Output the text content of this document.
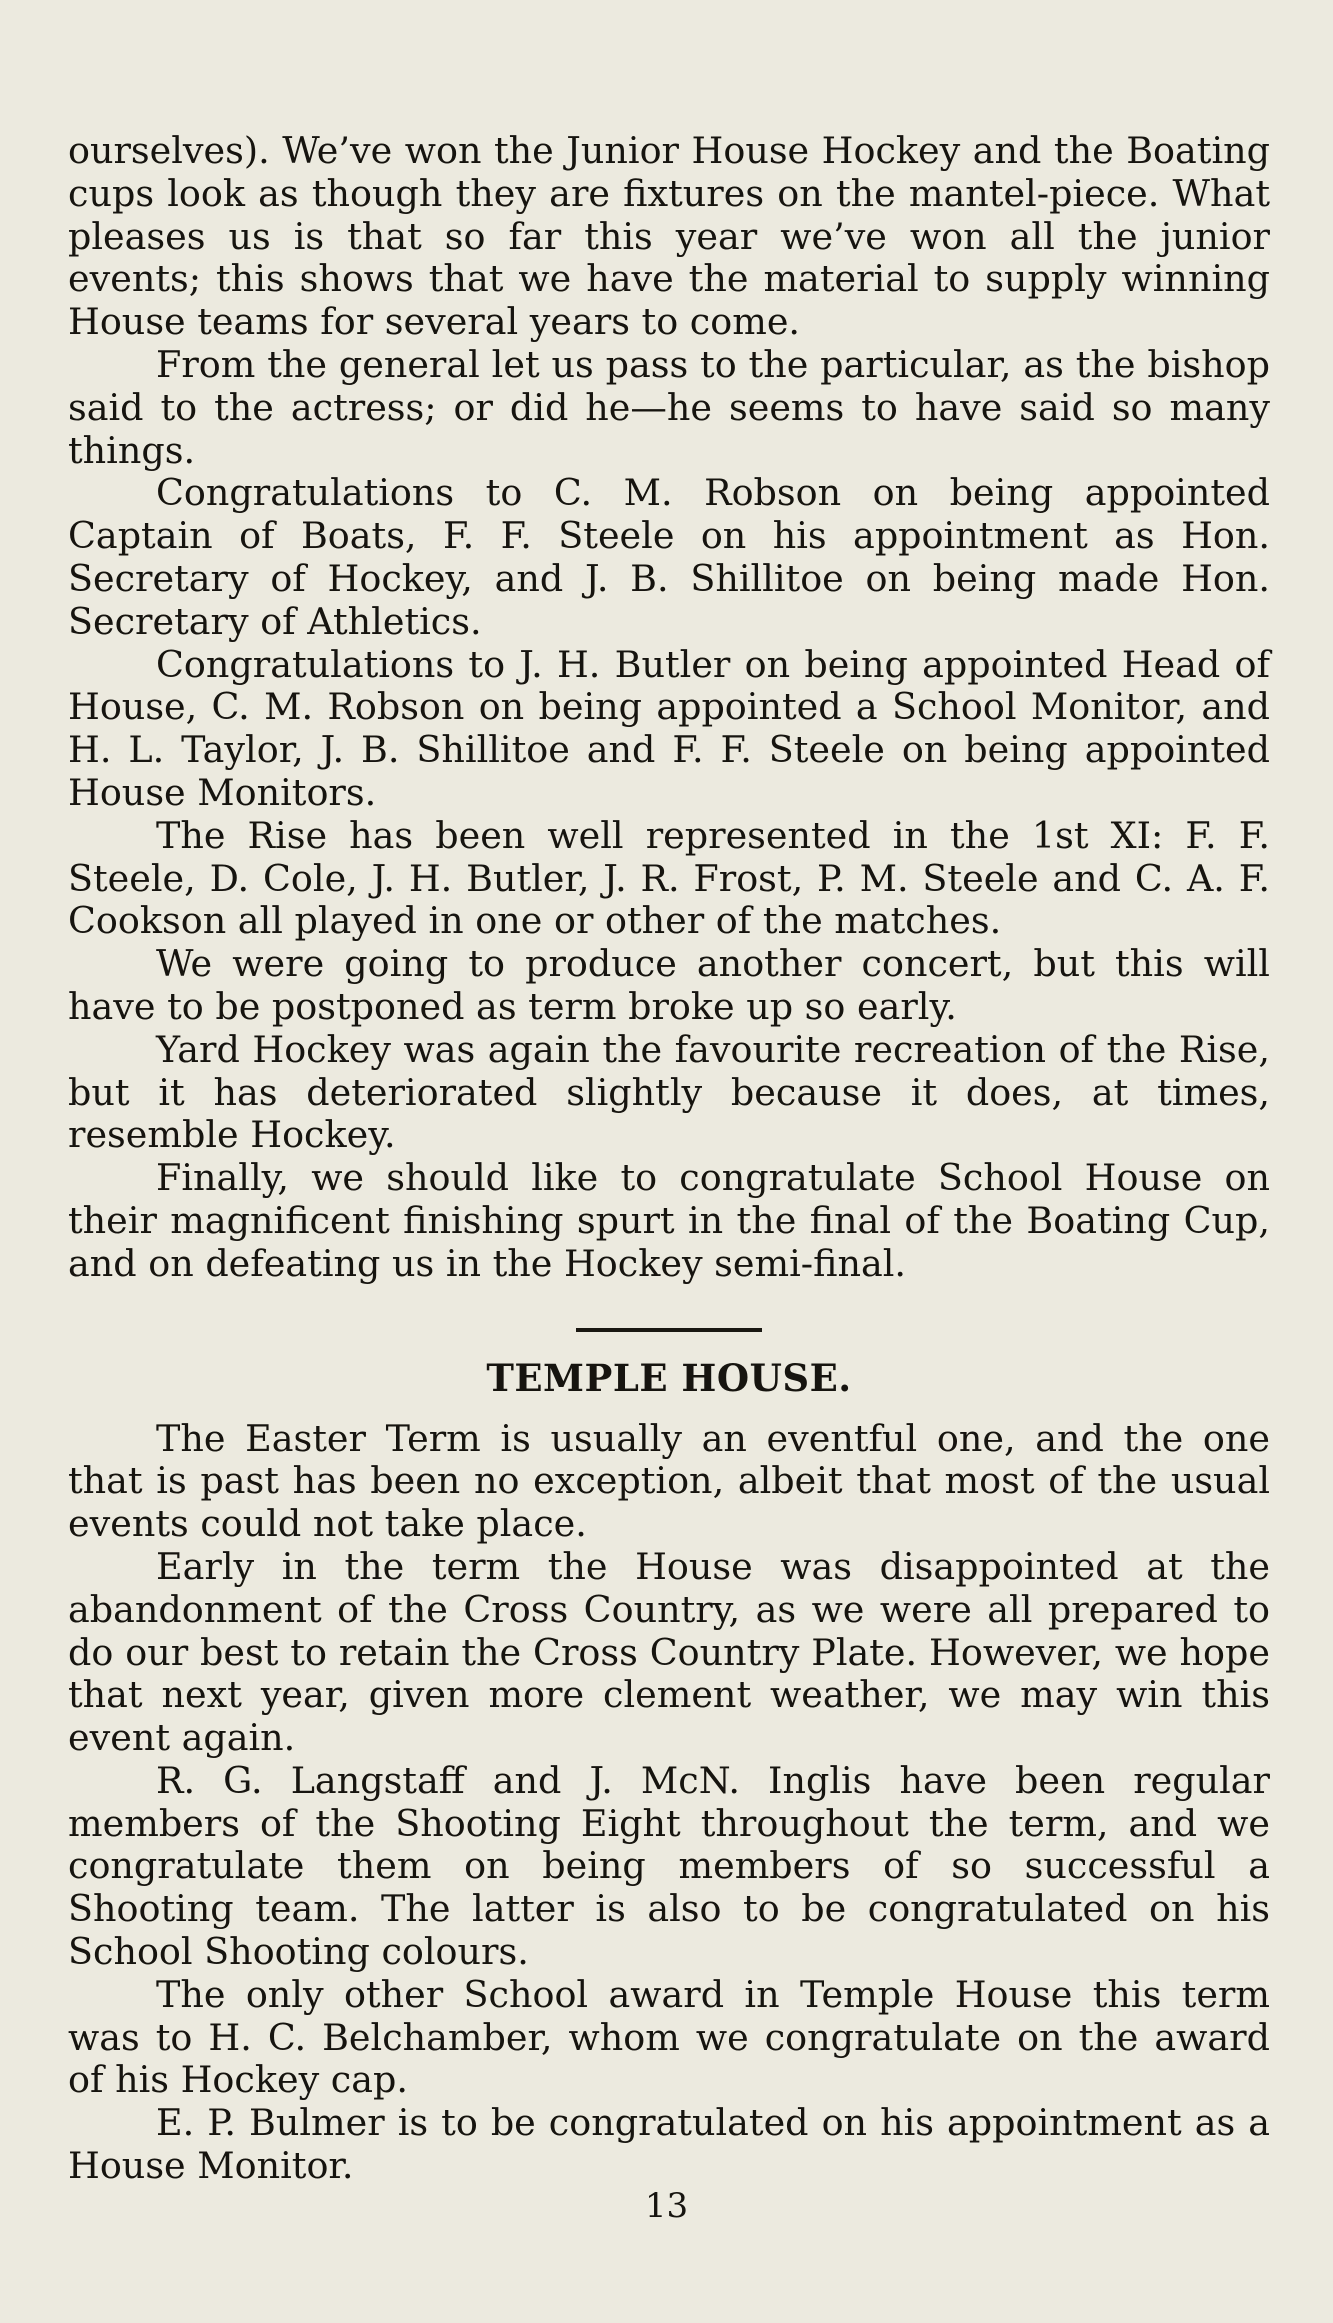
ourselves). We’ve won the Junior House Hockey and the Boating cups look as though they are fixtures on the mantel-piece. What pleases us is that so far this year we’ve won all the junior events; this shows that we have the material to supply winning House teams for several years to come.

From the general let us pass to the particular, as the bishop said to the actress; or did he—he seems to have said so many things.

Congratulations to C. M. Robson on being appointed Captain of Boats, F. F. Steele on his appointment as Hon. Secretary of Hockey, and J. B. Shillitoe on being made Hon. Secretary of Athletics.

Congratulations to J. H. Butler on being appointed Head of House, C. M. Robson on being appointed a School Monitor, and H. L. Taylor, J. B. Shillitoe and F. F. Steele on being appointed House Monitors.

The Rise has been well represented in the 1st XI: F. F. Steele, D. Cole, J. H. Butler, J. R. Frost, P. M. Steele and C. A. F. Cookson all played in one or other of the matches.

We were going to produce another concert, but this will have to be postponed as term broke up so early.

Yard Hockey was again the favourite recreation of the Rise, but it has deteriorated slightly because it does, at times, resemble Hockey.

Finally, we should like to congratulate School House on their magnificent finishing spurt in the final of the Boating Cup, and on defeating us in the Hockey semi-final.

TEMPLE HOUSE.

The Easter Term is usually an eventful one, and the one that is past has been no exception, albeit that most of the usual events could not take place.

Early in the term the House was disappointed at the abandonment of the Cross Country, as we were all prepared to do our best to retain the Cross Country Plate. However, we hope that next year, given more clement weather, we may win this event again.

R. G. Langstaff and J. McN. Inglis have been regular members of the Shooting Eight throughout the term, and we congratulate them on being members of so successful a Shooting team. The latter is also to be congratulated on his School Shooting colours.

The only other School award in Temple House this term was to H. C. Belchamber, whom we congratulate on the award of his Hockey cap.

E. P. Bulmer is to be congratulated on his appointment as a House Monitor.

13
